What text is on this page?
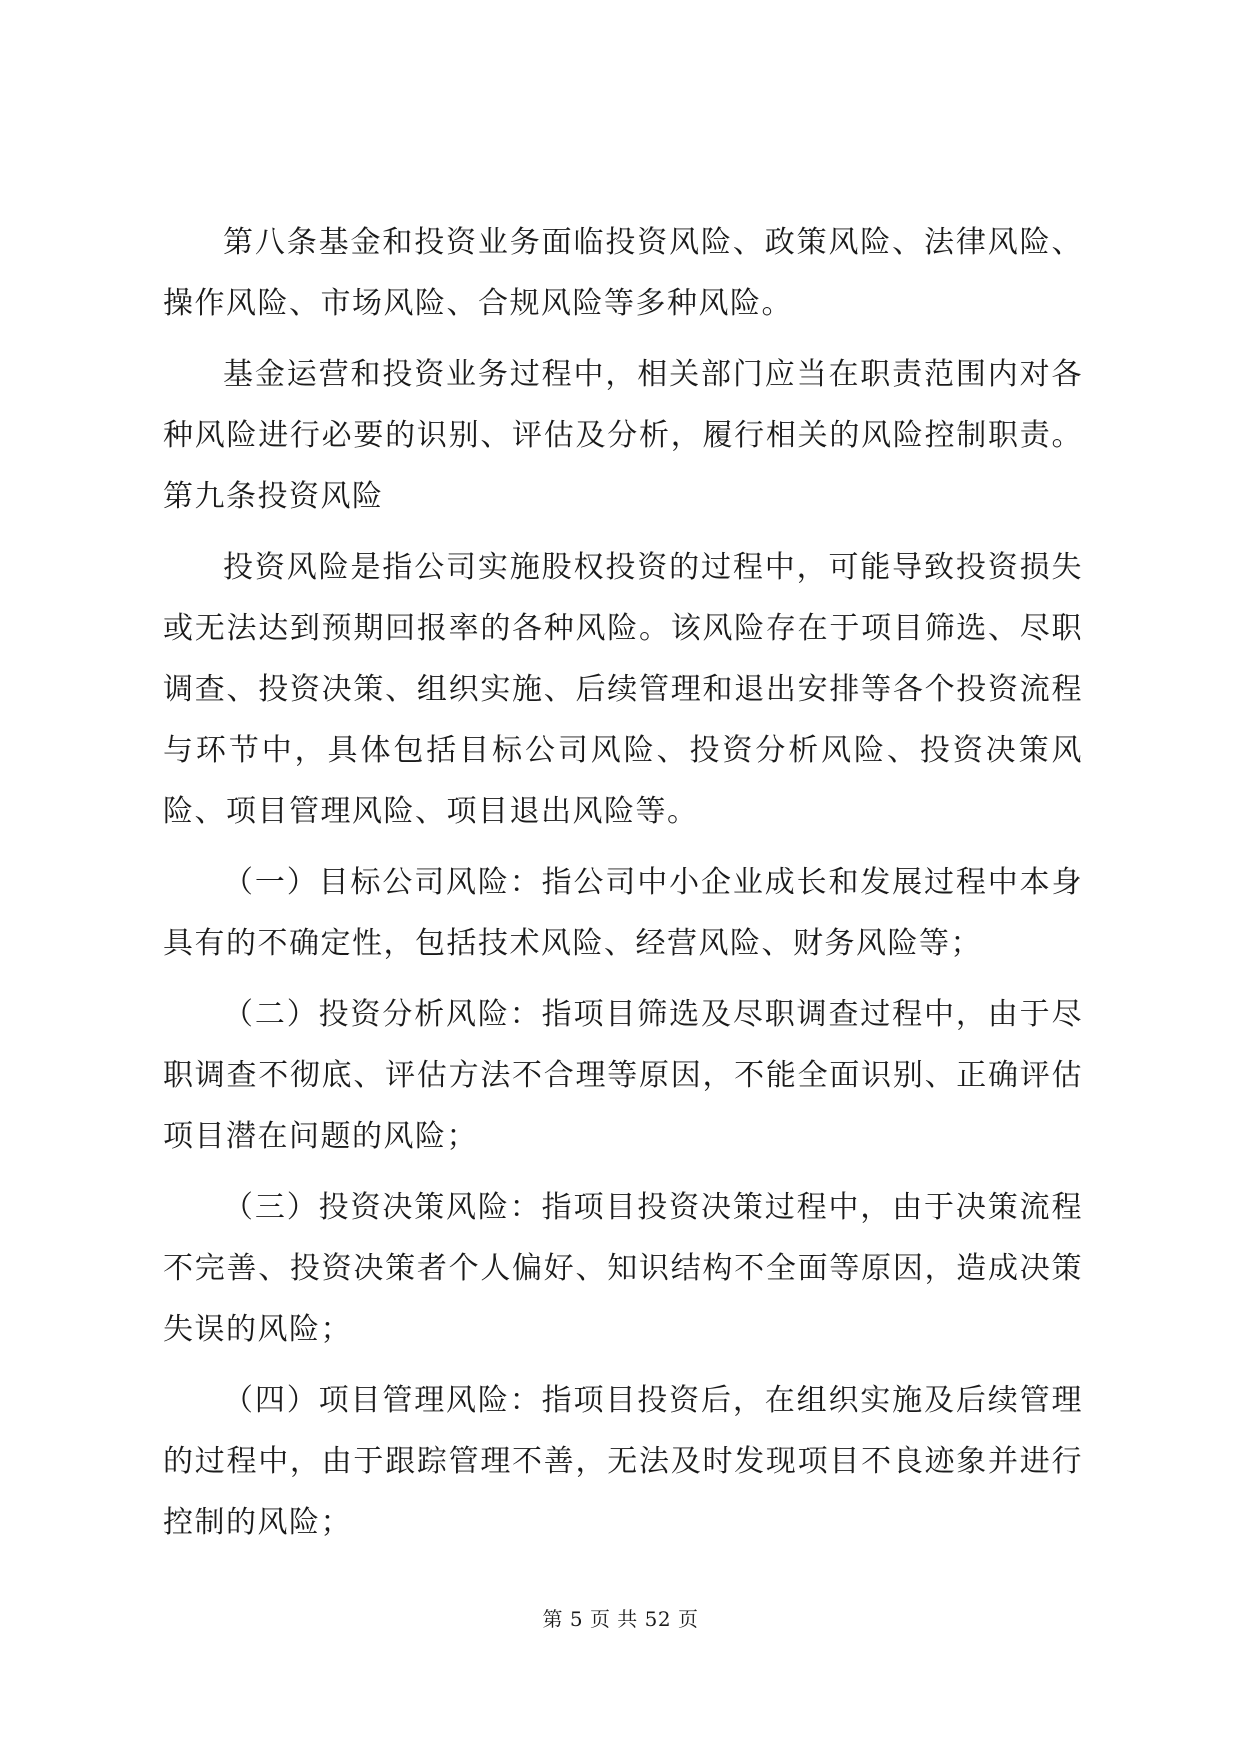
第八条基金和投资业务面临投资风险、政策风险、法律风险、操作风险、市场风险、合规风险等多种风险。

基金运营和投资业务过程中，相关部门应当在职责范围内对各种风险进行必要的识别、评估及分析，履行相关的风险控制职责。第九条投资风险

投资风险是指公司实施股权投资的过程中，可能导致投资损失或无法达到预期回报率的各种风险。该风险存在于项目筛选、尽职调查、投资决策、组织实施、后续管理和退出安排等各个投资流程与环节中，具体包括目标公司风险、投资分析风险、投资决策风险、项目管理风险、项目退出风险等。

（一）目标公司风险：指公司中小企业成长和发展过程中本身具有的不确定性，包括技术风险、经营风险、财务风险等；

（二）投资分析风险：指项目筛选及尽职调查过程中，由于尽职调查不彻底、评估方法不合理等原因，不能全面识别、正确评估项目潜在问题的风险；

（三）投资决策风险：指项目投资决策过程中，由于决策流程不完善、投资决策者个人偏好、知识结构不全面等原因，造成决策失误的风险；

（四）项目管理风险：指项目投资后，在组织实施及后续管理的过程中，由于跟踪管理不善，无法及时发现项目不良迹象并进行控制的风险；

第 5 页 共 52 页
